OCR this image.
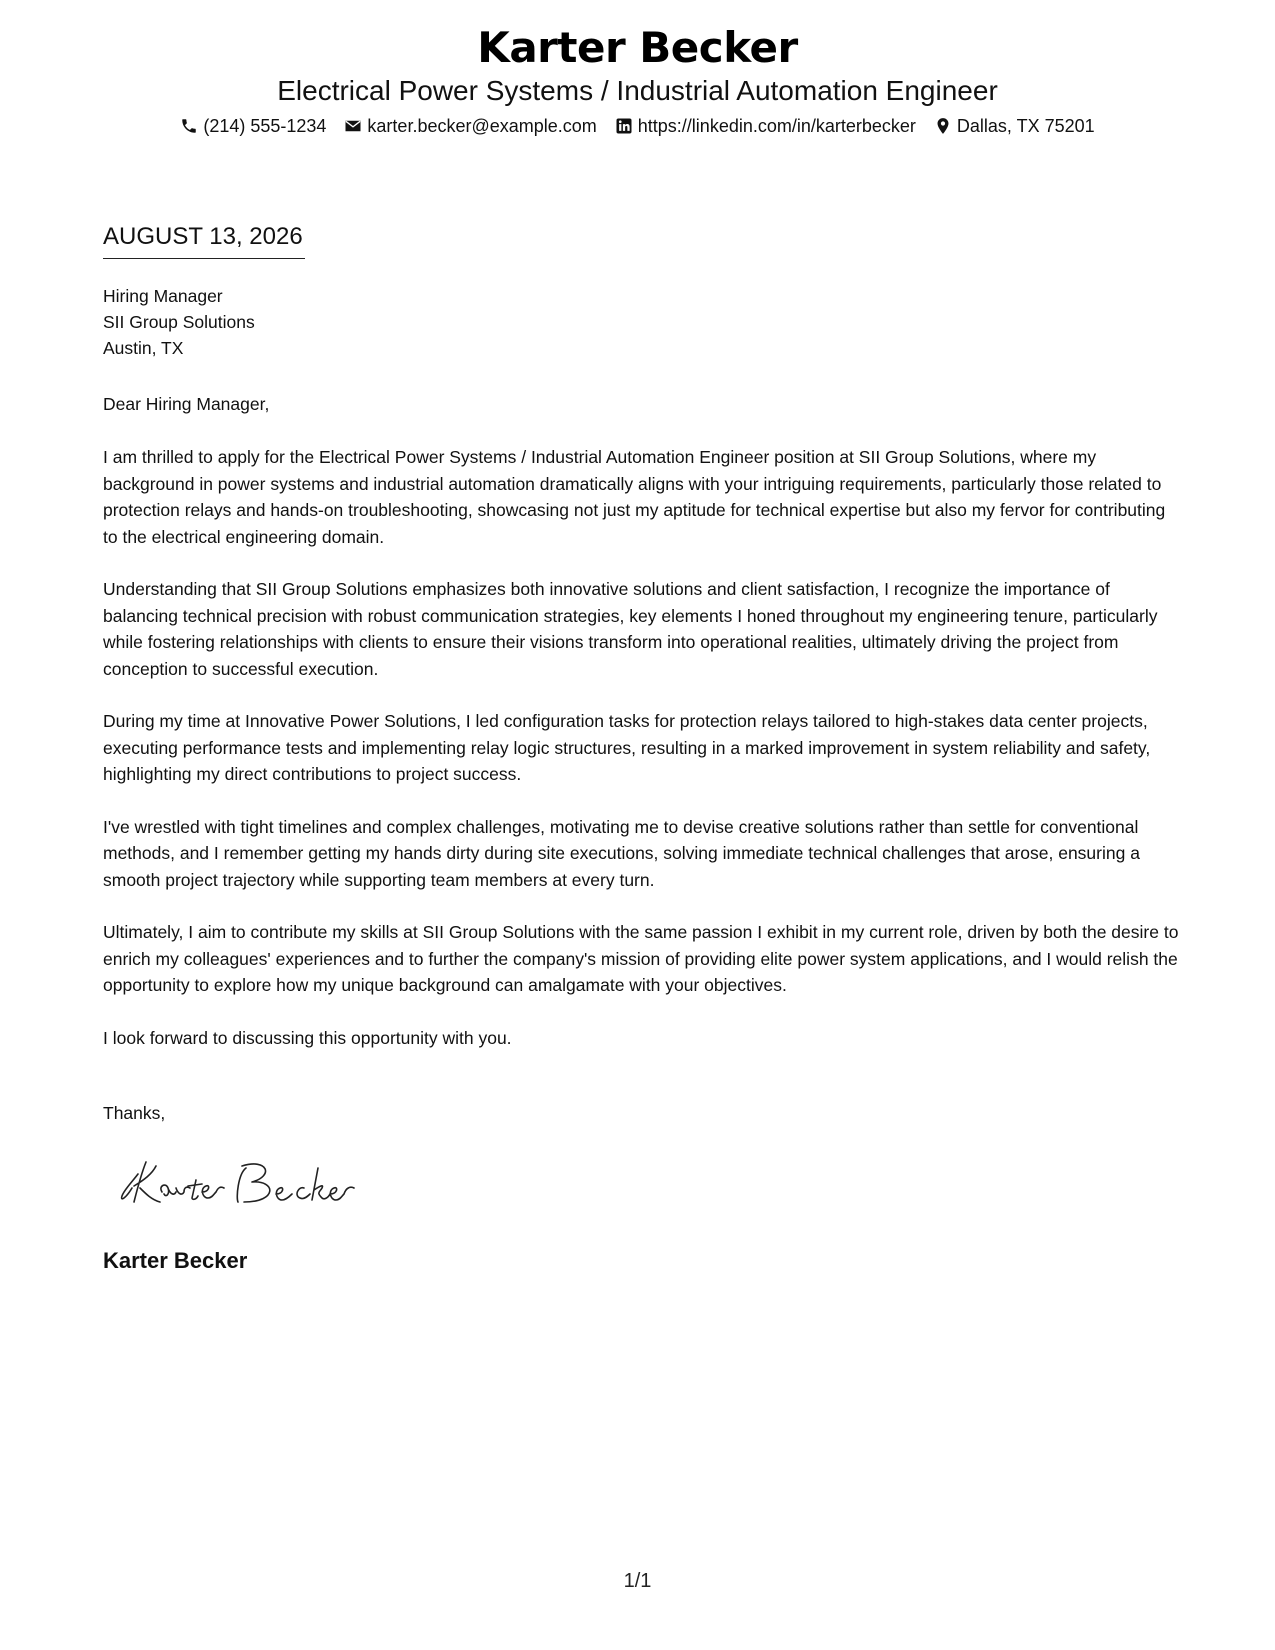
Karter Becker
Electrical Power Systems / Industrial Automation Engineer
(214) 555-1234 karter.becker@example.com https://linkedin.com/in/karterbecker Dallas, TX 75201
AUGUST 13, 2026
Hiring Manager
SII Group Solutions
Austin, TX
Dear Hiring Manager,

I am thrilled to apply for the Electrical Power Systems / Industrial Automation Engineer position at SII Group Solutions, where my background in power systems and industrial automation dramatically aligns with your intriguing requirements, particularly those related to protection relays and hands-on troubleshooting, showcasing not just my aptitude for technical expertise but also my fervor for contributing to the electrical engineering domain.

Understanding that SII Group Solutions emphasizes both innovative solutions and client satisfaction, I recognize the importance of balancing technical precision with robust communication strategies, key elements I honed throughout my engineering tenure, particularly while fostering relationships with clients to ensure their visions transform into operational realities, ultimately driving the project from conception to successful execution.

During my time at Innovative Power Solutions, I led configuration tasks for protection relays tailored to high-stakes data center projects, executing performance tests and implementing relay logic structures, resulting in a marked improvement in system reliability and safety, highlighting my direct contributions to project success.

I've wrestled with tight timelines and complex challenges, motivating me to devise creative solutions rather than settle for conventional methods, and I remember getting my hands dirty during site executions, solving immediate technical challenges that arose, ensuring a smooth project trajectory while supporting team members at every turn.

Ultimately, I aim to contribute my skills at SII Group Solutions with the same passion I exhibit in my current role, driven by both the desire to enrich my colleagues' experiences and to further the company's mission of providing elite power system applications, and I would relish the opportunity to explore how my unique background can amalgamate with your objectives.

I look forward to discussing this opportunity with you.

Thanks,
Karter Becker
1/1
